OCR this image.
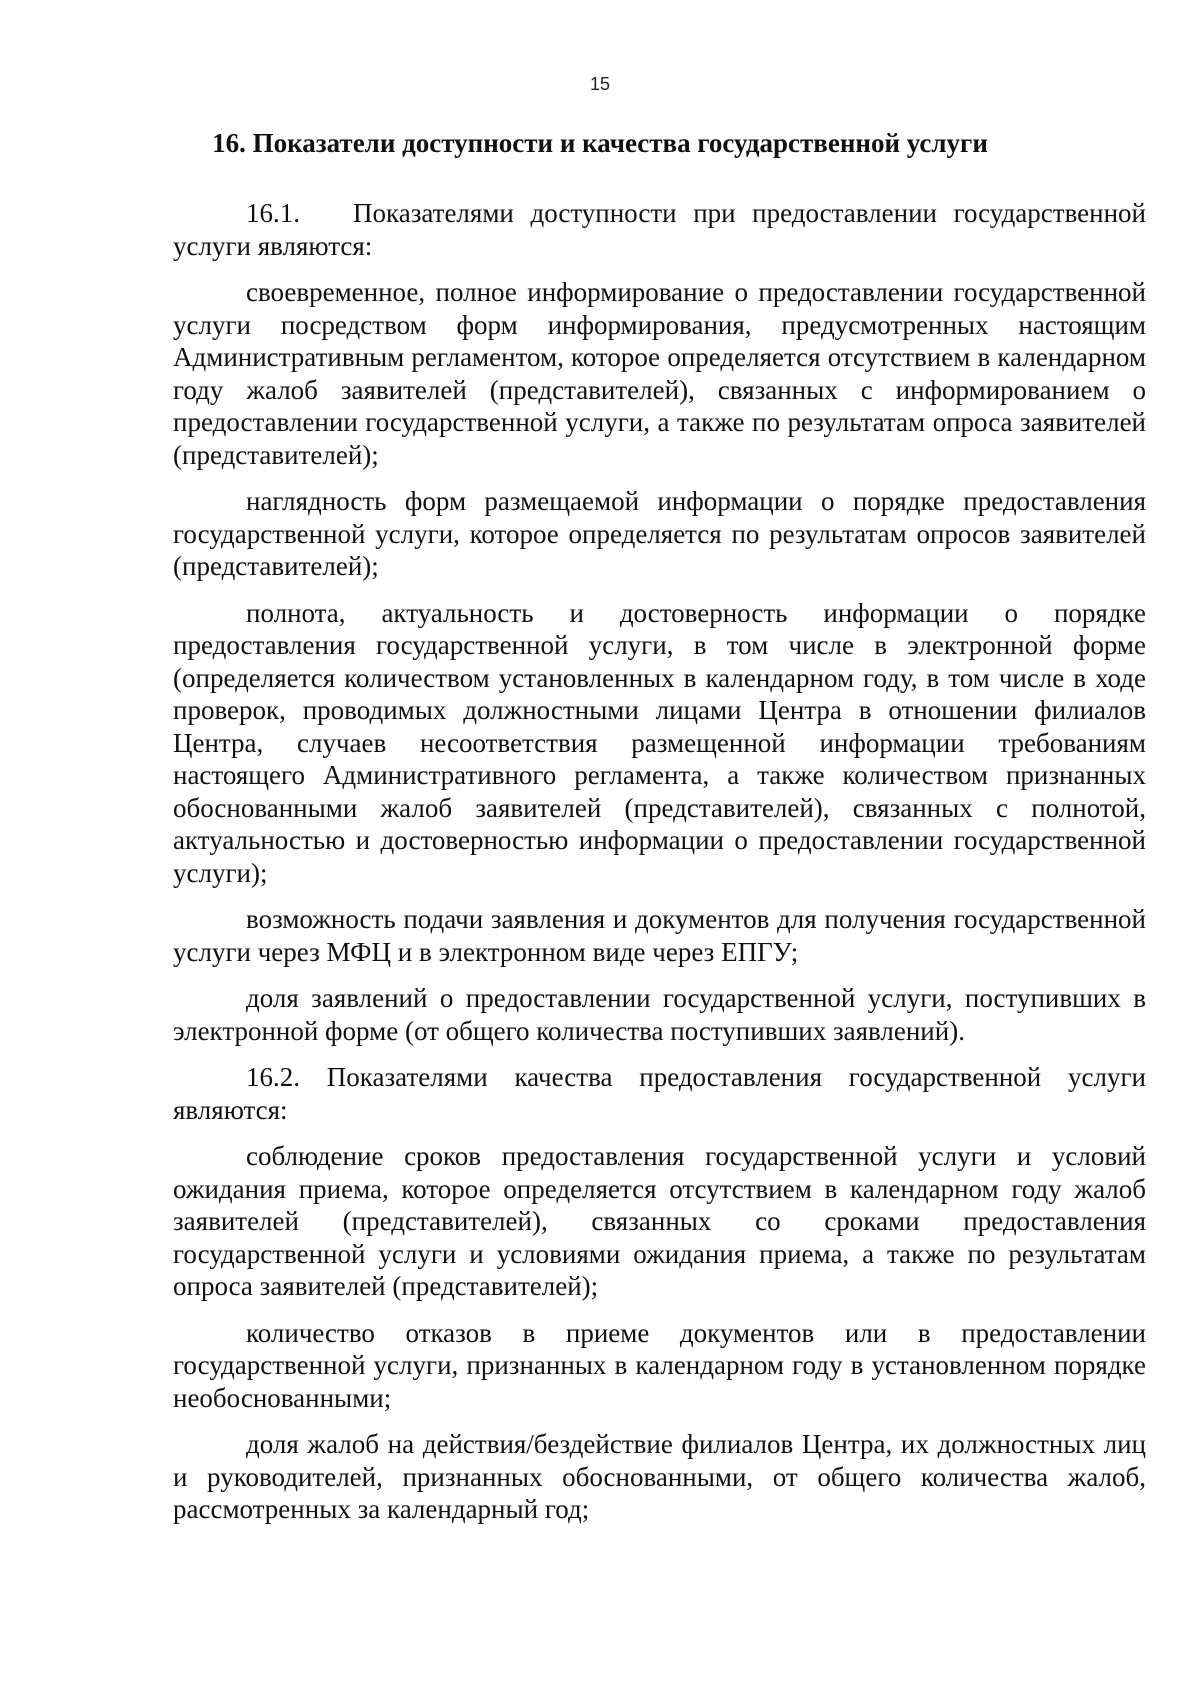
15
16. Показатели доступности и качества государственной услуги

16.1. Показателями доступности при предоставлении государственной услуги являются:

своевременное, полное информирование о предоставлении государственной услуги посредством форм информирования, предусмотренных настоящим Административным регламентом, которое определяется отсутствием в календарном году жалоб заявителей (представителей), связанных с информированием о предоставлении государственной услуги, а также по результатам опроса заявителей (представителей);

наглядность форм размещаемой информации о порядке предоставления государственной услуги, которое определяется по результатам опросов заявителей (представителей);

полнота, актуальность и достоверность информации о порядке предоставления государственной услуги, в том числе в электронной форме (определяется количеством установленных в календарном году, в том числе в ходе проверок, проводимых должностными лицами Центра в отношении филиалов Центра, случаев несоответствия размещенной информации требованиям настоящего Административного регламента, а также количеством признанных обоснованными жалоб заявителей (представителей), связанных с полнотой, актуальностью и достоверностью информации о предоставлении государственной услуги);

возможность подачи заявления и документов для получения государственной услуги через МФЦ и в электронном виде через ЕПГУ;

доля заявлений о предоставлении государственной услуги, поступивших в электронной форме (от общего количества поступивших заявлений).

16.2. Показателями качества предоставления государственной услуги являются:

соблюдение сроков предоставления государственной услуги и условий ожидания приема, которое определяется отсутствием в календарном году жалоб заявителей (представителей), связанных со сроками предоставления государственной услуги и условиями ожидания приема, а также по результатам опроса заявителей (представителей);

количество отказов в приеме документов или в предоставлении государственной услуги, признанных в календарном году в установленном порядке необоснованными;

доля жалоб на действия/бездействие филиалов Центра, их должностных лиц и руководителей, признанных обоснованными, от общего количества жалоб, рассмотренных за календарный год;
